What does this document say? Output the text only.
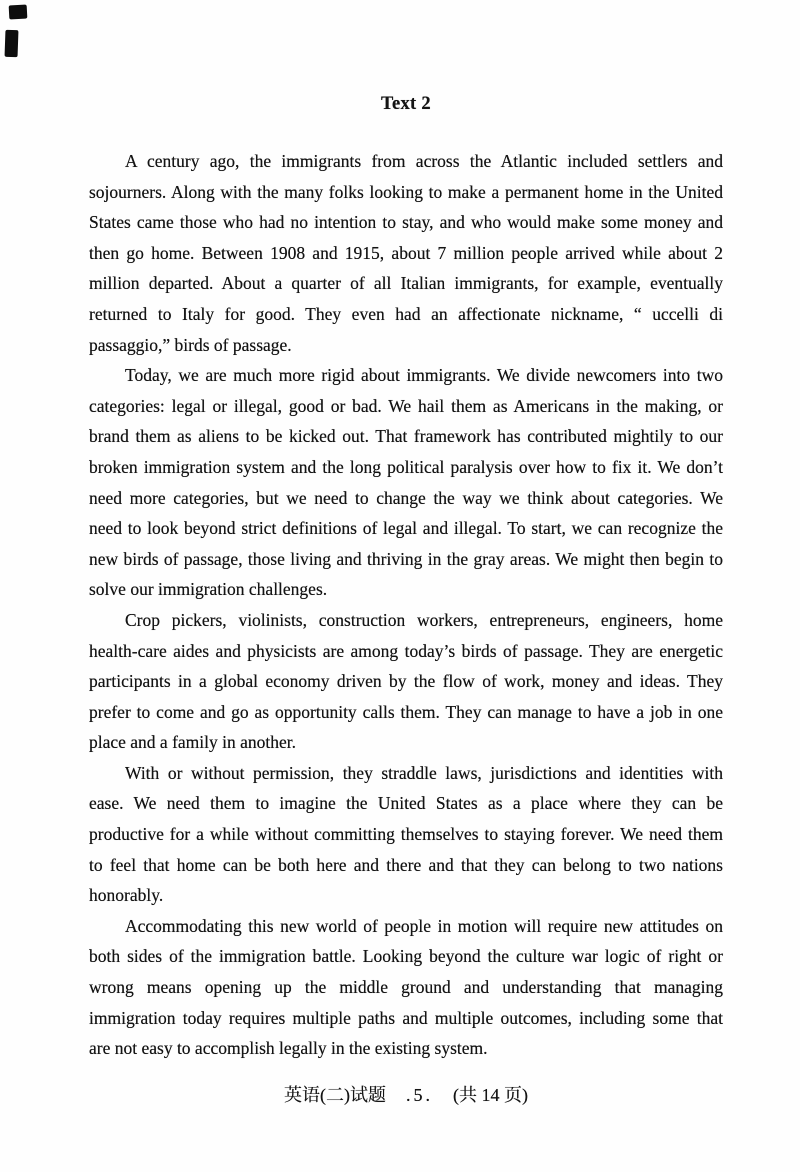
Text 2
A century ago, the immigrants from across the Atlantic included settlers and
sojourners. Along with the many folks looking to make a permanent home in the United
States came those who had no intention to stay, and who would make some money and
then go home. Between 1908 and 1915, about 7 million people arrived while about 2
million departed. About a quarter of all Italian immigrants, for example, eventually
returned to Italy for good. They even had an affectionate nickname, “ uccelli di
passaggio,” birds of passage.
Today, we are much more rigid about immigrants. We divide newcomers into two
categories: legal or illegal, good or bad. We hail them as Americans in the making, or
brand them as aliens to be kicked out. That framework has contributed mightily to our
broken immigration system and the long political paralysis over how to fix it. We don’t
need more categories, but we need to change the way we think about categories. We
need to look beyond strict definitions of legal and illegal. To start, we can recognize the
new birds of passage, those living and thriving in the gray areas. We might then begin to
solve our immigration challenges.
Crop pickers, violinists, construction workers, entrepreneurs, engineers, home
health-care aides and physicists are among today’s birds of passage. They are energetic
participants in a global economy driven by the flow of work, money and ideas. They
prefer to come and go as opportunity calls them. They can manage to have a job in one
place and a family in another.
With or without permission, they straddle laws, jurisdictions and identities with
ease. We need them to imagine the United States as a place where they can be
productive for a while without committing themselves to staying forever. We need them
to feel that home can be both here and there and that they can belong to two nations
honorably.
Accommodating this new world of people in motion will require new attitudes on
both sides of the immigration battle. Looking beyond the culture war logic of right or
wrong means opening up the middle ground and understanding that managing
immigration today requires multiple paths and multiple outcomes, including some that
are not easy to accomplish legally in the existing system.
英语(二)试题 .5. (共 14 页)
